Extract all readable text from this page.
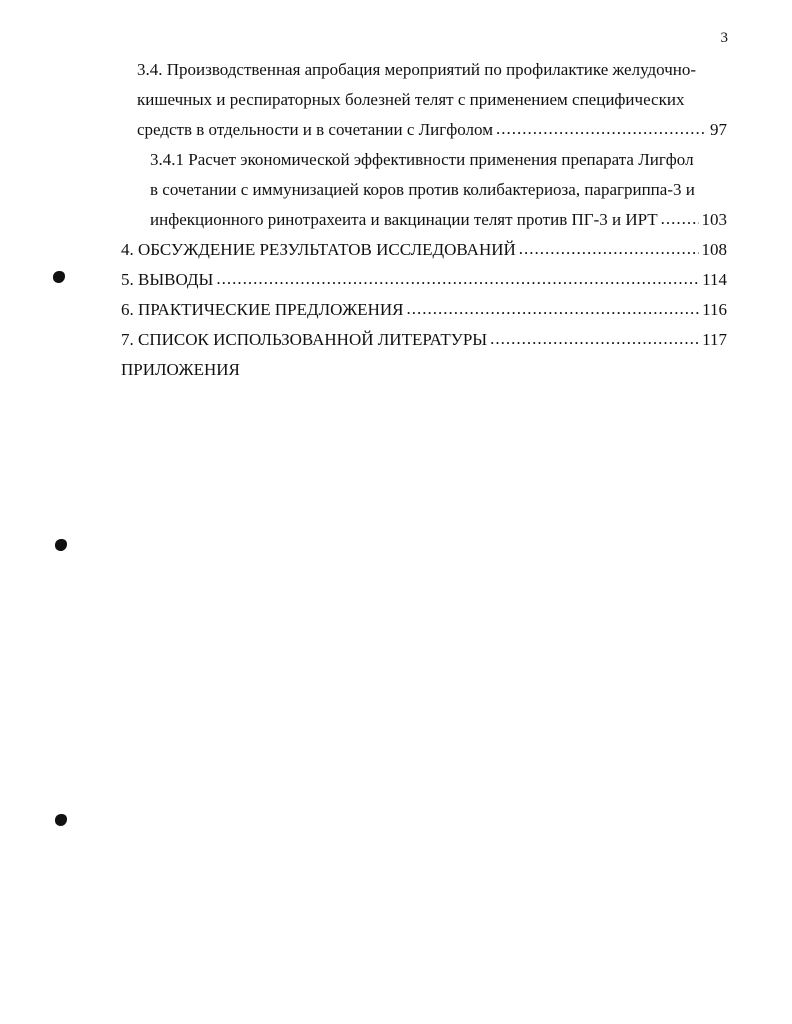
3
3.4. Производственная апробация мероприятий по профилактике желудочно-
кишечных и респираторных болезней телят с применением специфических
средств в отдельности и в сочетании с Лигфолом .....	97
3.4.1 Расчет экономической эффективности применения препарата Лигфол
в сочетании с иммунизацией коров против колибактериоза, парагриппа-3 и
инфекционного ринотрахеита и вакцинации телят против ПГ-3 и ИРТ .....	103
4. ОБСУЖДЕНИЕ РЕЗУЛЬТАТОВ ИССЛЕДОВАНИЙ .....	108
5. ВЫВОДЫ .....	114
6. ПРАКТИЧЕСКИЕ ПРЕДЛОЖЕНИЯ .....	116
7. СПИСОК ИСПОЛЬЗОВАННОЙ ЛИТЕРАТУРЫ .....	117
ПРИЛОЖЕНИЯ
